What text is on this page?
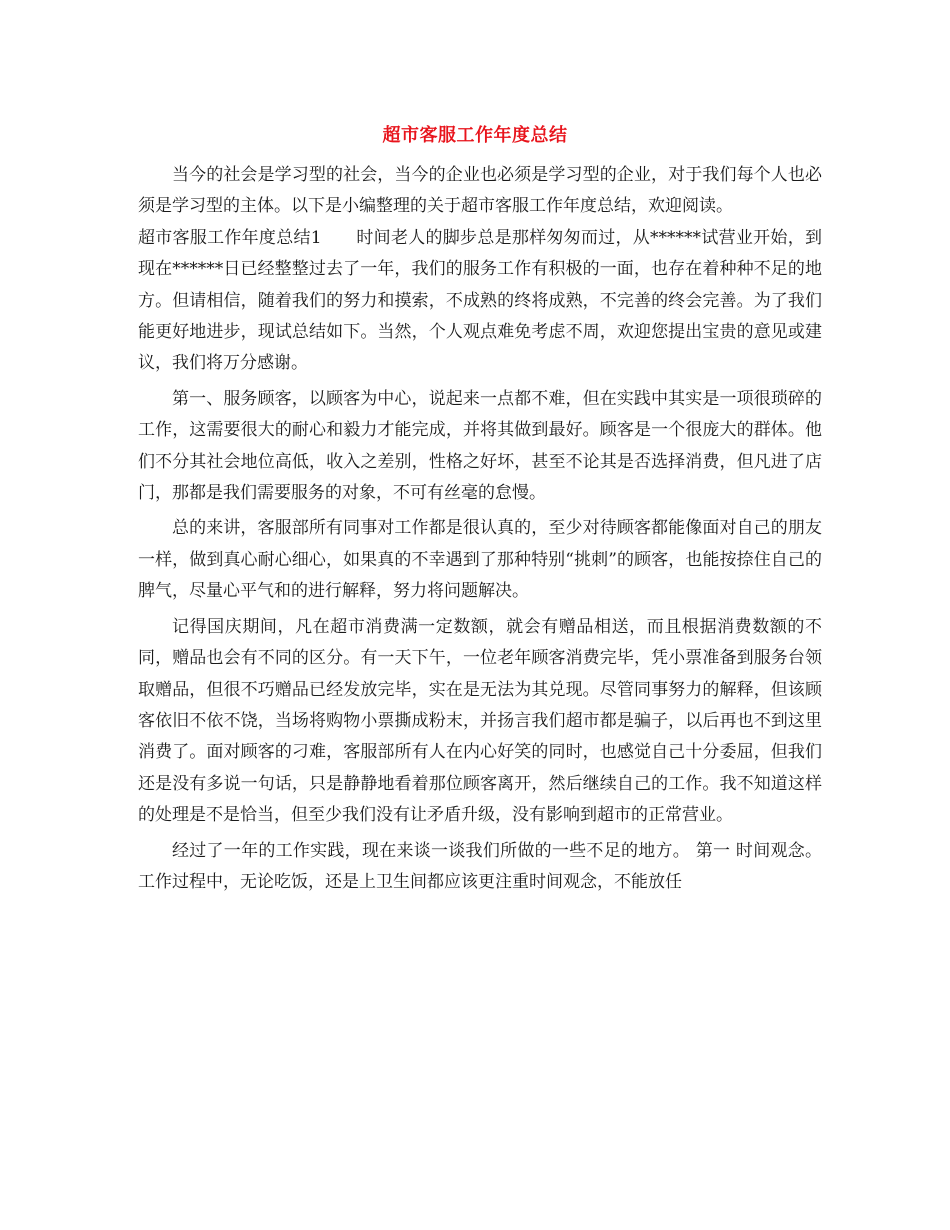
超市客服工作年度总结

当今的社会是学习型的社会，当今的企业也必须是学习型的企业，对于我们每个人也必须是学习型的主体。以下是小编整理的关于超市客服工作年度总结，欢迎阅读。

超市客服工作年度总结1　　时间老人的脚步总是那样匆匆而过，从******试营业开始，到现在******日已经整整过去了一年，我们的服务工作有积极的一面，也存在着种种不足的地方。但请相信，随着我们的努力和摸索，不成熟的终将成熟，不完善的终会完善。为了我们能更好地进步，现试总结如下。当然，个人观点难免考虑不周，欢迎您提出宝贵的意见或建议，我们将万分感谢。

第一、服务顾客，以顾客为中心，说起来一点都不难，但在实践中其实是一项很琐碎的工作，这需要很大的耐心和毅力才能完成，并将其做到最好。顾客是一个很庞大的群体。他们不分其社会地位高低，收入之差别，性格之好坏，甚至不论其是否选择消费，但凡进了店门，那都是我们需要服务的对象，不可有丝毫的怠慢。

总的来讲，客服部所有同事对工作都是很认真的，至少对待顾客都能像面对自己的朋友一样，做到真心耐心细心，如果真的不幸遇到了那种特别“挑刺”的顾客，也能按捺住自己的脾气，尽量心平气和的进行解释，努力将问题解决。

记得国庆期间，凡在超市消费满一定数额，就会有赠品相送，而且根据消费数额的不同，赠品也会有不同的区分。有一天下午，一位老年顾客消费完毕，凭小票准备到服务台领取赠品，但很不巧赠品已经发放完毕，实在是无法为其兑现。尽管同事努力的解释，但该顾客依旧不依不饶，当场将购物小票撕成粉末，并扬言我们超市都是骗子，以后再也不到这里消费了。面对顾客的刁难，客服部所有人在内心好笑的同时，也感觉自己十分委屈，但我们还是没有多说一句话，只是静静地看着那位顾客离开，然后继续自己的工作。我不知道这样的处理是不是恰当，但至少我们没有让矛盾升级，没有影响到超市的正常营业。

经过了一年的工作实践，现在来谈一谈我们所做的一些不足的地方。 第一 时间观念。工作过程中，无论吃饭，还是上卫生间都应该更注重时间观念，不能放任
